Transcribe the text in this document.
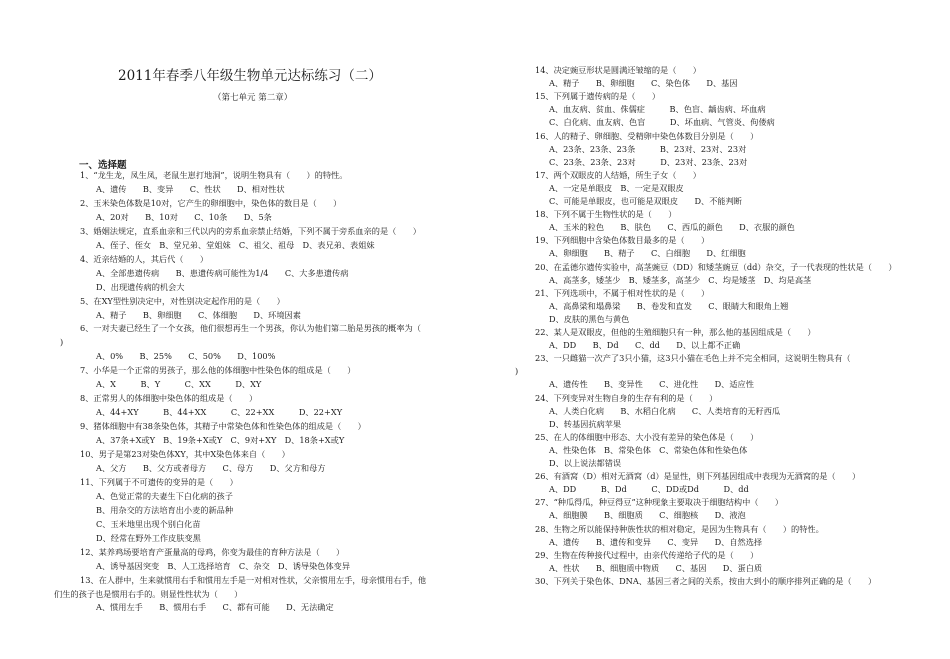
2011年春季八年级生物单元达标练习（二）
（第七单元 第二章）
一、选择题
1、“龙生龙，凤生凤，老鼠生崽打地洞”，说明生物具有（　　）的特性。
A、遗传　　B、变异　　C、性状　　D、相对性状
2、玉米染色体数是10对，它产生的卵细胞中，染色体的数目是（　　）
A、20对　　B、10对　　C、10条　　D、5条
3、婚姻法规定，直系血亲和三代以内的旁系血亲禁止结婚，下列不属于旁系血亲的是（　　）
A、侄子、侄女　B、堂兄弟、堂姐妹　C、祖父、祖母　D、表兄弟、表姐妹
4、近亲结婚的人，其后代（　　）
A、全部患遗传病　　B、患遗传病可能性为1/4　　C、大多患遗传病
D、出现遗传病的机会大
5、在XY型性别决定中，对性别决定起作用的是（　　）
A、精子　　B、卵细胞　　C、体细胞　　D、环境因素
6、一对夫妻已经生了一个女孩，他们很想再生一个男孩，你认为他们第二胎是男孩的概率为（
)
A、0%　　B、25%　　C、50%　　D、100%
7、小华是一个正常的男孩子，那么他的体细胞中性染色体的组成是（　　）
A、X　　　B、Y　　　C、XX　　　D、XY
8、正常男人的体细胞中染色体的组成是（　　）
A、44+XY　　　B、44+XX　　　C、22+XX　　　D、22+XY
9、猪体细胞中有38条染色体，其精子中常染色体和性染色体的组成是（　　）
A、37条+X或Y　B、19条+X或Y　C、9对+XY　D、18条+X或Y
10、男子是第23对染色体XY，其中X染色体来自（　　）
A、父方　　B、父方或者母方　　C、母方　　D、父方和母方
11、下列属于不可遗传的变异的是（　　）
A、色觉正常的夫妻生下白化病的孩子
B、用杂交的方法培育出小麦的新品种
C、玉米地里出现个别白化苗
D、经常在野外工作皮肤变黑
12、某养鸡场要培育产蛋量高的母鸡，你变为最佳的育种方法是（　　）
A、诱导基因突变　B、人工选择培育　C、杂交　D、诱导染色体变异
13、在人群中，生来就惯用右手和惯用左手是一对相对性状，父亲惯用左手，母亲惯用右手，他
们生的孩子也是惯用右手的。则显性性状为（　　）
A、惯用左手　　B、惯用右手　　C、都有可能　　D、无法确定
14、决定豌豆形状是圆满还皱缩的是（　　）
A、精子　　B、卵细胞　　C、染色体　　D、基因
15、下列属于遗传病的是（　　）
A、血友病、贫血、侏儒症　　　B、色盲、龋齿病、坏血病
C、白化病、血友病、色盲　　　D、坏血病、气管炎、佝偻病
16、人的精子、卵细胞、受精卵中染色体数目分别是（　　）
A、23条、23条、23条　　　B、23对、23对、23对
C、23条、23条、23对　　　D、23对、23条、23对
17、两个双眼皮的人结婚，所生子女（　　）
A、一定是单眼皮　B、一定是双眼皮
C、可能是单眼皮，也可能是双眼皮　　D、不能判断
18、下列不属于生物性状的是（　　）
A、玉米的粒色　　B、肤色　　C、西瓜的颜色　　D、衣服的颜色
19、下列细胞中含染色体数目最多的是（　　）
A、卵细胞　　B、精子　　C、白细胞　　D、红细胞
20、在孟德尔遗传实验中，高茎豌豆（DD）和矮茎豌豆（dd）杂交，子一代表现的性状是（　　）
A、高茎多，矮茎少　B、矮茎多，高茎少　C、均是矮茎　D、均是高茎
21、下列选项中，不属于相对性状的是（　　）
A、高鼻梁和塌鼻梁　　B、卷发和直发　　C、眼睛大和眼角上翘
D、皮肤的黑色与黄色
22、某人是双眼皮，但他的生殖细胞只有一种，那么他的基因组成是（　　）
A、DD　　B、Dd　　C、dd　　D、以上都不正确
23、一只雌猫一次产了3只小猫，这3只小猫在毛色上并不完全相同，这说明生物具有（
)
A、遗传性　　B、变异性　　C、进化性　　D、适应性
24、下列变异对生物自身的生存有利的是（　　）
A、人类白化病　　B、水稻白化病　　C、人类培育的无籽西瓜
D、转基因抗病苹果
25、在人的体细胞中形态、大小没有差异的染色体是（　　）
A、性染色体　B、常染色体　C、常染色体和性染色体
D、以上说法都错误
26、有酒窝（D）相对无酒窝（d）是显性，则下列基因组成中表现为无酒窝的是（　　）
A、DD　　　B、Dd　　　C、DD或Dd　　　D、dd
27、“种瓜得瓜，种豆得豆”这种现象主要取决于细胞结构中（　　）
A、细胞膜　　B、细胞质　　C、细胞核　　D、液泡
28、生物之所以能保持种族性状的相对稳定，是因为生物具有（　　）的特性。
A、遗传　　B、遗传和变异　　C、变异　　D、自然选择
29、生物在传种接代过程中，由亲代传递给子代的是（　　）
A、性状　　B、细胞质中物质　　C、基因　　D、蛋白质
30、下列关于染色体、DNA、基因三者之间的关系，按由大到小的顺序排列正确的是（　　）
